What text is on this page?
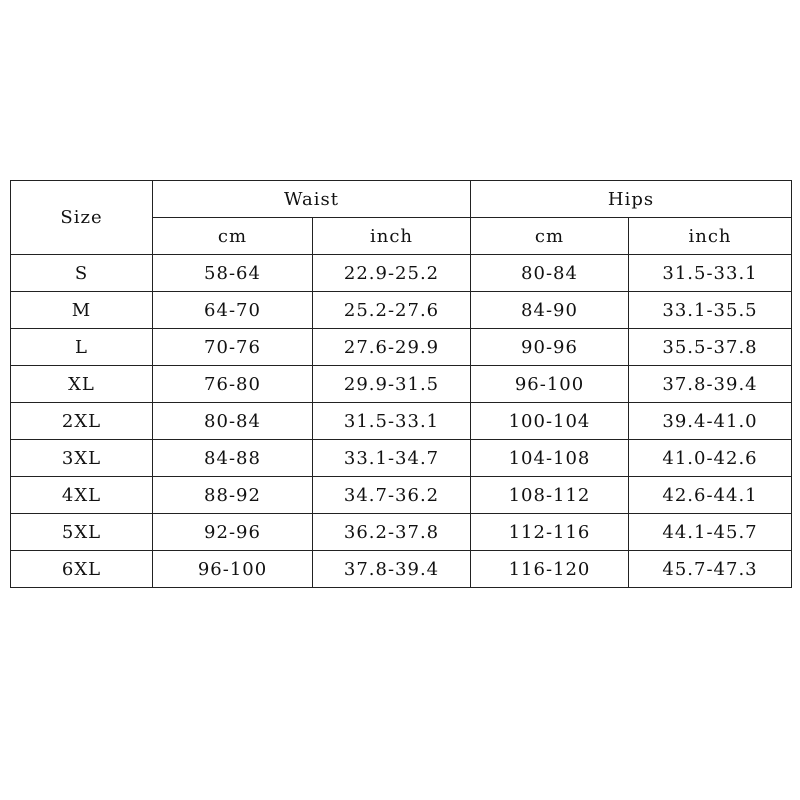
Size	Waist		Hips	
	cm	inch	cm	inch
S	58-64	22.9-25.2	80-84	31.5-33.1
M	64-70	25.2-27.6	84-90	33.1-35.5
L	70-76	27.6-29.9	90-96	35.5-37.8
XL	76-80	29.9-31.5	96-100	37.8-39.4
2XL	80-84	31.5-33.1	100-104	39.4-41.0
3XL	84-88	33.1-34.7	104-108	41.0-42.6
4XL	88-92	34.7-36.2	108-112	42.6-44.1
5XL	92-96	36.2-37.8	112-116	44.1-45.7
6XL	96-100	37.8-39.4	116-120	45.7-47.3
